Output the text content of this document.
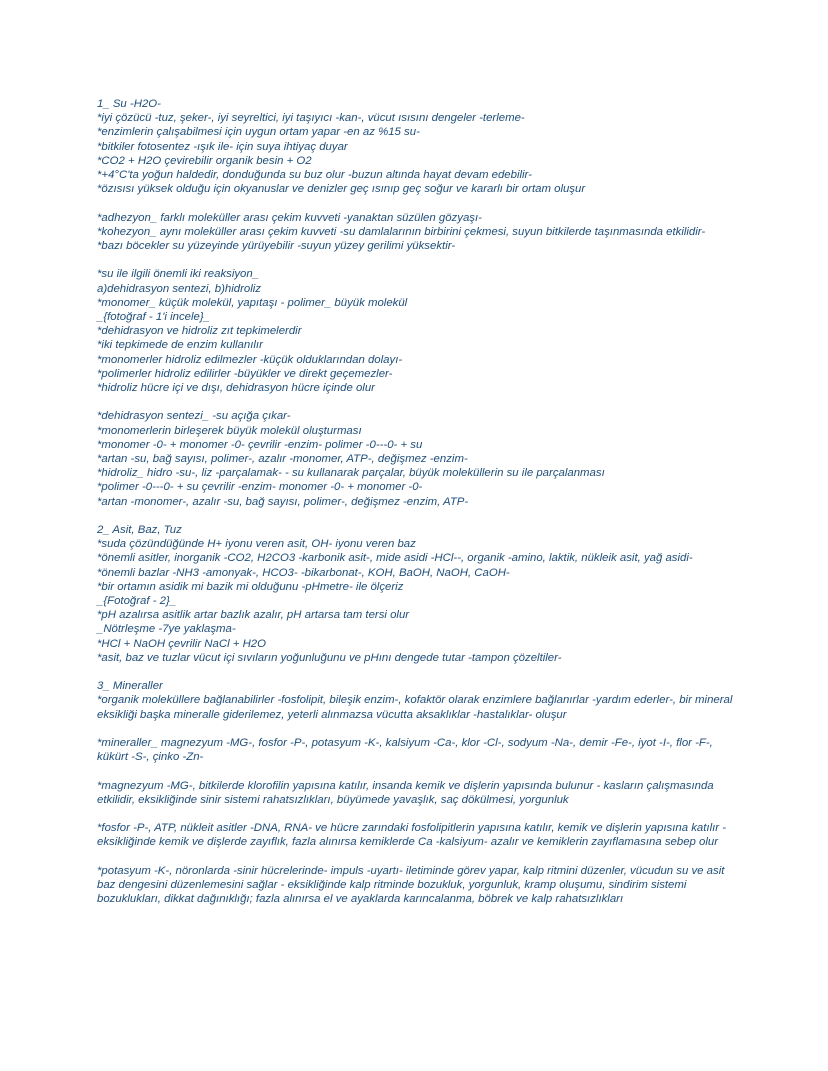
1_ Su -H2O-
*iyi çözücü -tuz, şeker-, iyi seyreltici, iyi taşıyıcı -kan-, vücut ısısını dengeler -terleme-
*enzimlerin çalışabilmesi için uygun ortam yapar -en az %15 su-
*bitkiler fotosentez -ışık ile- için suya ihtiyaç duyar
*CO2 + H2O çevirebilir organik besin + O2
*+4°C'ta yoğun haldedir, donduğunda su buz olur -buzun altında hayat devam edebilir-
*özısısı yüksek olduğu için okyanuslar ve denizler geç ısınıp geç soğur ve kararlı bir ortam oluşur
*adhezyon_ farklı moleküller arası çekim kuvveti -yanaktan süzülen gözyaşı-
*kohezyon_ aynı moleküller arası çekim kuvveti -su damlalarının birbirini çekmesi, suyun bitkilerde taşınmasında etkilidir-
*bazı böcekler su yüzeyinde yürüyebilir -suyun yüzey gerilimi yüksektir-
*su ile ilgili önemli iki reaksiyon_
a)dehidrasyon sentezi, b)hidroliz
*monomer_ küçük molekül, yapıtaşı - polimer_ büyük molekül
_{fotoğraf - 1'i incele}_
*dehidrasyon ve hidroliz zıt tepkimelerdir
*iki tepkimede de enzim kullanılır
*monomerler hidroliz edilmezler -küçük olduklarından dolayı-
*polimerler hidroliz edilirler -büyükler ve direkt geçemezler-
*hidroliz hücre içi ve dışı, dehidrasyon hücre içinde olur
*dehidrasyon sentezi_ -su açığa çıkar-
*monomerlerin birleşerek büyük molekül oluşturması
*monomer -0- + monomer -0- çevrilir -enzim- polimer -0---0- + su
*artan -su, bağ sayısı, polimer-, azalır -monomer, ATP-, değişmez -enzim-
*hidroliz_ hidro -su-, liz -parçalamak- - su kullanarak parçalar, büyük moleküllerin su ile parçalanması
*polimer -0---0- + su çevrilir -enzim- monomer -0- + monomer -0-
*artan -monomer-, azalır -su, bağ sayısı, polimer-, değişmez -enzim, ATP-
2_ Asit, Baz, Tuz
*suda çözündüğünde H+ iyonu veren asit, OH- iyonu veren baz
*önemli asitler, inorganik -CO2, H2CO3 -karbonik asit-, mide asidi -HCl--, organik -amino, laktik, nükleik asit, yağ asidi-
*önemli bazlar -NH3 -amonyak-, HCO3- -bikarbonat-, KOH, BaOH, NaOH, CaOH-
*bir ortamın asidik mi bazik mi olduğunu -pHmetre- ile ölçeriz
_{Fotoğraf - 2}_
*pH azalırsa asitlik artar bazlık azalır, pH artarsa tam tersi olur
_Nötrleşme -7ye yaklaşma-
*HCl + NaOH çevrilir NaCl + H2O
*asit, baz ve tuzlar vücut içi sıvıların yoğunluğunu ve pHını dengede tutar -tampon çözeltiler-
3_ Mineraller
*organik moleküllere bağlanabilirler -fosfolipit, bileşik enzim-, kofaktör olarak enzimlere bağlanırlar -yardım ederler-, bir mineral eksikliği başka mineralle giderilemez, yeterli alınmazsa vücutta aksaklıklar -hastalıklar- oluşur
*mineraller_ magnezyum -MG-, fosfor -P-, potasyum -K-, kalsiyum -Ca-, klor -Cl-, sodyum -Na-, demir -Fe-, iyot -I-, flor -F-, kükürt -S-, çinko -Zn-
*magnezyum -MG-, bitkilerde klorofilin yapısına katılır, insanda kemik ve dişlerin yapısında bulunur - kasların çalışmasında etkilidir, eksikliğinde sinir sistemi rahatsızlıkları, büyümede yavaşlık, saç dökülmesi, yorgunluk
*fosfor -P-, ATP, nükleit asitler -DNA, RNA- ve hücre zarındaki fosfolipitlerin yapısına katılır, kemik ve dişlerin yapısına katılır - eksikliğinde kemik ve dişlerde zayıflık, fazla alınırsa kemiklerde Ca -kalsiyum- azalır ve kemiklerin zayıflamasına sebep olur
*potasyum -K-, nöronlarda -sinir hücrelerinde- impuls -uyartı- iletiminde görev yapar, kalp ritmini düzenler, vücudun su ve asit baz dengesini düzenlemesini sağlar - eksikliğinde kalp ritminde bozukluk, yorgunluk, kramp oluşumu, sindirim sistemi bozuklukları, dikkat dağınıklığı; fazla alınırsa el ve ayaklarda karıncalanma, böbrek ve kalp rahatsızlıkları
